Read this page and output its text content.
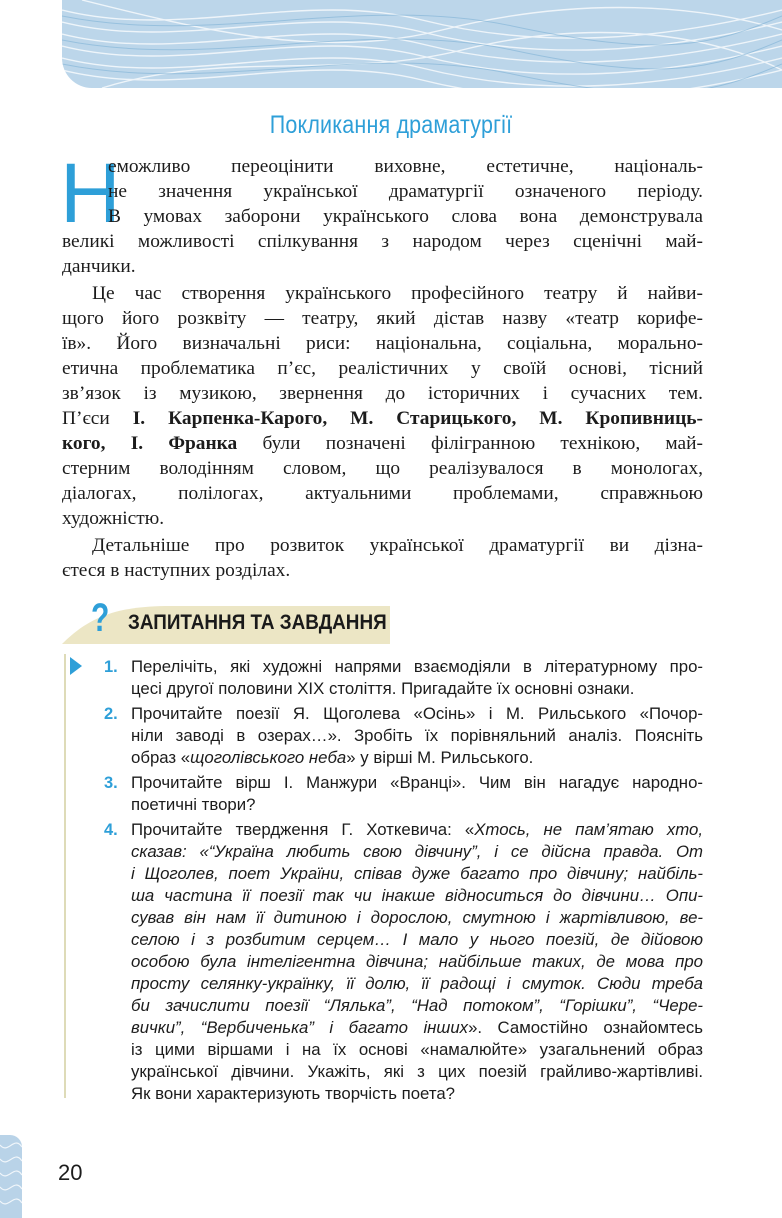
Покликання драматургії
Н
еможливо переоцінити виховне, естетичне, національ-
не значення української драматургії означеного періоду.
В умовах заборони українського слова вона демонструвала
великі можливості спілкування з народом через сценічні май-
данчики.
Це час створення українського професійного театру й найви-
щого його розквіту — театру, який дістав назву «театр корифе-
їв». Його визначальні риси: національна, соціальна, морально-
етична проблематика п’єс, реалістичних у своїй основі, тісний
зв’язок із музикою, звернення до історичних і сучасних тем.
П’єси І. Карпенка-Карого, М. Старицького, М. Кропивниць-
кого, І. Франка були позначені філігранною технікою, май-
стерним володінням словом, що реалізувалося в монологах,
діалогах, полілогах, актуальними проблемами, справжньою
художністю.
Детальніше про розвиток української драматургії ви дізна-
єтеся в наступних розділах.
? ЗАПИТАННЯ ТА ЗАВДАННЯ
1. Перелічіть, які художні напрями взаємодіяли в літературному про-
цесі другої половини ХІХ століття. Пригадайте їх основні ознаки.
2. Прочитайте поезії Я. Щоголева «Осінь» і М. Рильського «Почор-
ніли заводі в озерах…». Зробіть їх порівняльний аналіз. Поясніть
образ «щоголівського неба» у вірші М. Рильського.
3. Прочитайте вірш І. Манжури «Вранці». Чим він нагадує народно-
поетичні твори?
4. Прочитайте твердження Г. Хоткевича: «Хтось, не пам’ятаю хто,
сказав: «“Україна любить свою дівчину”, і се дійсна правда. От
і Щоголев, поет України, співав дуже багато про дівчину; найбіль-
ша частина її поезії так чи інакше відноситься до дівчини… Опи-
сував він нам її дитиною і дорослою, смутною і жартівливою, ве-
селою і з розбитим серцем… І мало у нього поезій, де дійовою
особою була інтелігентна дівчина; найбільше таких, де мова про
просту селянку-українку, її долю, її радощі і смуток. Сюди треба
би зачислити поезії “Лялька”, “Над потоком”, “Горішки”, “Чере-
вички”, “Вербиченька” і багато інших». Самостійно ознайомтесь
із цими віршами і на їх основі «намалюйте» узагальнений образ
української дівчини. Укажіть, які з цих поезій грайливо-жартівливі.
Як вони характеризують творчість поета?
20
